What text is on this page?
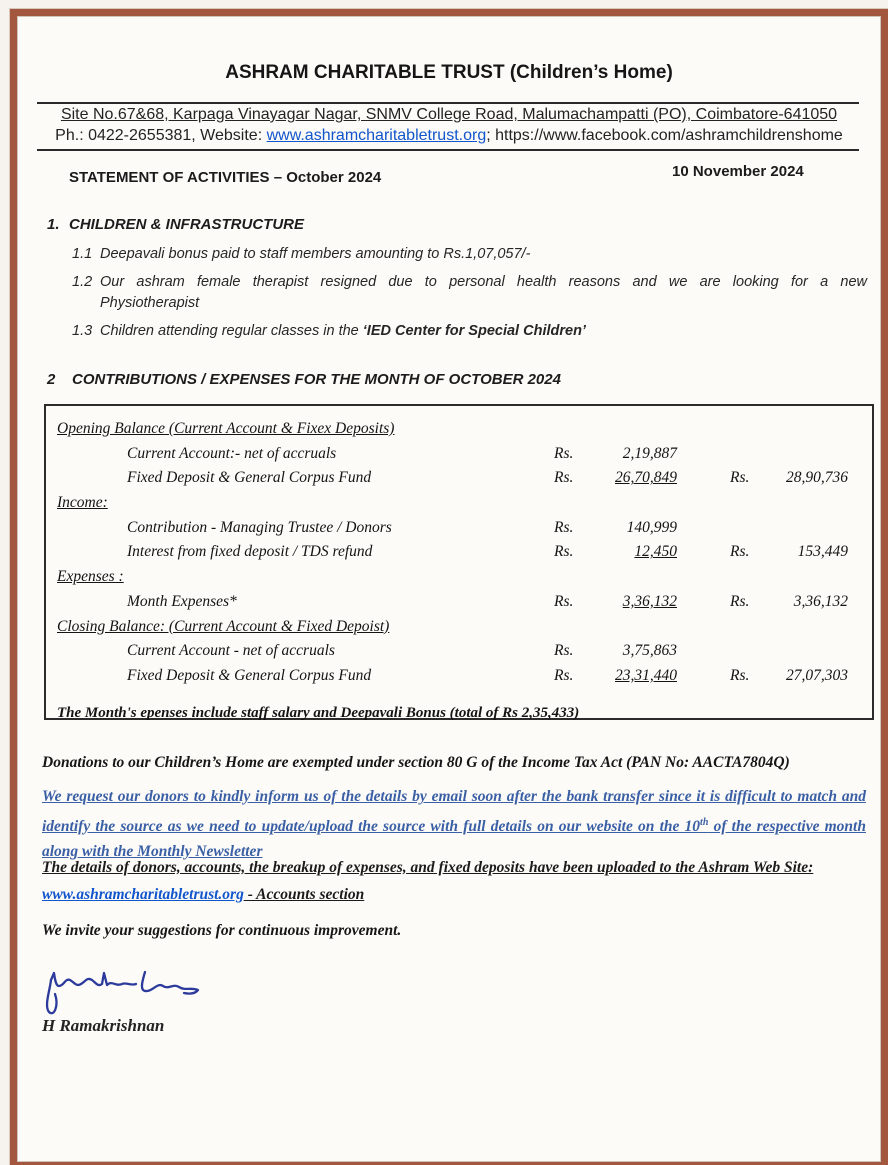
ASHRAM CHARITABLE TRUST (Children’s Home)
Site No.67&68, Karpaga Vinayagar Nagar, SNMV College Road, Malumachampatti (PO), Coimbatore-641050
Ph.: 0422-2655381, Website: www.ashramcharitabletrust.org; https://www.facebook.com/ashramchildrenshome
STATEMENT OF ACTIVITIES – October 2024	10 November 2024
1. CHILDREN & INFRASTRUCTURE
1.1 Deepavali bonus paid to staff members amounting to Rs.1,07,057/-
1.2 Our ashram female therapist resigned due to personal health reasons and we are looking for a new
Physiotherapist
1.3 Children attending regular classes in the ‘IED Center for Special Children’
2	CONTRIBUTIONS / EXPENSES FOR THE MONTH OF OCTOBER 2024
Opening Balance (Current Account & Fixex Deposits)
Current Account:- net of accruals	Rs.	2,19,887
Fixed Deposit & General Corpus Fund	Rs.	26,70,849	Rs. 28,90,736
Income:
Contribution - Managing Trustee / Donors	Rs.	140,999
Interest from fixed deposit / TDS refund	Rs.	12,450	Rs.	153,449
Expenses :
Month Expenses*	Rs.	3,36,132	Rs.	3,36,132
Closing Balance: (Current Account & Fixed Depoist)
Current Account - net of accruals	Rs.	3,75,863
Fixed Deposit & General Corpus Fund	Rs.	23,31,440	Rs. 27,07,303
The Month's epenses include staff salary and Deepavali Bonus (total of Rs 2,35,433)
Donations to our Children’s Home are exempted under section 80 G of the Income Tax Act (PAN No: AACTA7804Q)
We request our donors to kindly inform us of the details by email soon after the bank transfer since it is difficult to match and identify the source as we need to update/upload the source with full details on our website on the 10th of the respective month along with the Monthly Newsletter
The details of donors, accounts, the breakup of expenses, and fixed deposits have been uploaded to the Ashram Web Site: www.ashramcharitabletrust.org - Accounts section
We invite your suggestions for continuous improvement.
H Ramakrishnan
